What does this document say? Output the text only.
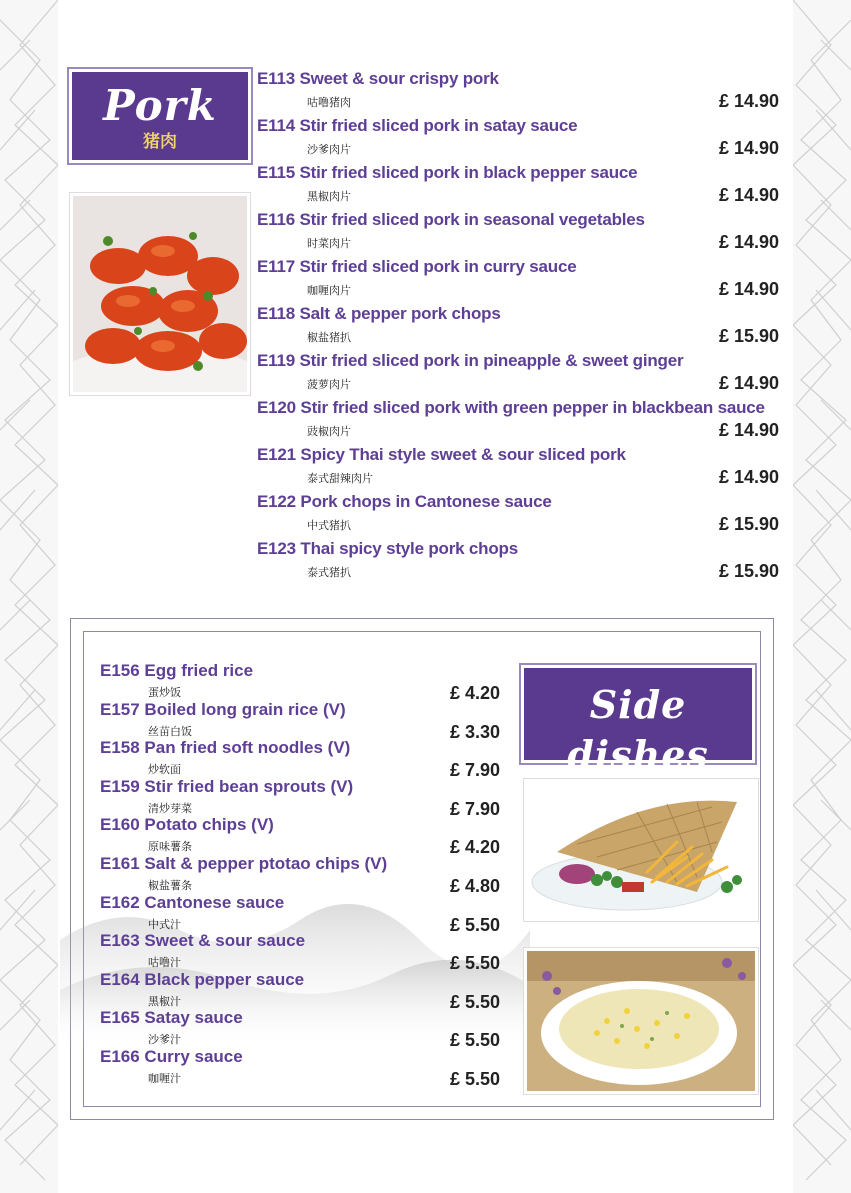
Pork
猪肉
E113 Sweet & sour crispy pork
咕噜猪肉	£ 14.90
E114 Stir fried sliced pork in satay sauce
沙爹肉片	£ 14.90
E115 Stir fried sliced pork in black pepper sauce
黑椒肉片	£ 14.90
E116 Stir fried sliced pork in seasonal vegetables
时菜肉片	£ 14.90
E117 Stir fried sliced pork in curry sauce
咖喱肉片	£ 14.90
E118 Salt & pepper pork chops
椒盐猪扒	£ 15.90
E119 Stir fried sliced pork in pineapple & sweet ginger
菠萝肉片	£ 14.90
E120 Stir fried sliced pork with green pepper in blackbean sauce
豉椒肉片	£ 14.90
E121 Spicy Thai style sweet & sour sliced pork
泰式甜辣肉片	£ 14.90
E122 Pork chops in Cantonese sauce
中式猪扒	£ 15.90
E123 Thai spicy style pork chops
泰式猪扒	£ 15.90
Side dishes
E156 Egg fried rice
蛋炒饭	£ 4.20
E157 Boiled long grain rice (V)
丝苗白饭	£ 3.30
E158 Pan fried soft noodles (V)
炒软面	£ 7.90
E159 Stir fried bean sprouts (V)
清炒芽菜	£ 7.90
E160 Potato chips (V)
原味薯条	£ 4.20
E161 Salt & pepper ptotao chips (V)
椒盐薯条	£ 4.80
E162 Cantonese sauce
中式汁	£ 5.50
E163 Sweet & sour sauce
咕噜汁	£ 5.50
E164 Black pepper sauce
黑椒汁	£ 5.50
E165 Satay sauce
沙爹汁	£ 5.50
E166 Curry sauce
咖喱汁	£ 5.50
